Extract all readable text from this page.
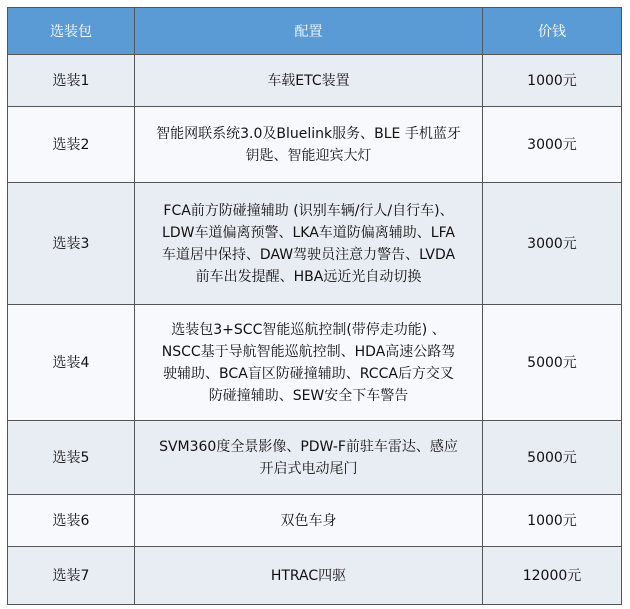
选装包	配置	价钱
选装1	车载ETC装置	1000元
选装2	智能网联系统3.0及Bluelink服务、BLE 手机蓝牙
钥匙、智能迎宾大灯	3000元
选装3	FCA前方防碰撞辅助 (识别车辆/行人/自行车)、
LDW车道偏离预警、LKA车道防偏离辅助、LFA
车道居中保持、DAW驾驶员注意力警告、LVDA
前车出发提醒、HBA远近光自动切换	3000元
选装4	选装包3+SCC智能巡航控制(带停走功能) 、
NSCC基于导航智能巡航控制、HDA高速公路驾
驶辅助、BCA盲区防碰撞辅助、RCCA后方交叉
防碰撞辅助、SEW安全下车警告	5000元
选装5	SVM360度全景影像、PDW-F前驻车雷达、感应
开启式电动尾门	5000元
选装6	双色车身	1000元
选装7	HTRAC四驱	12000元
